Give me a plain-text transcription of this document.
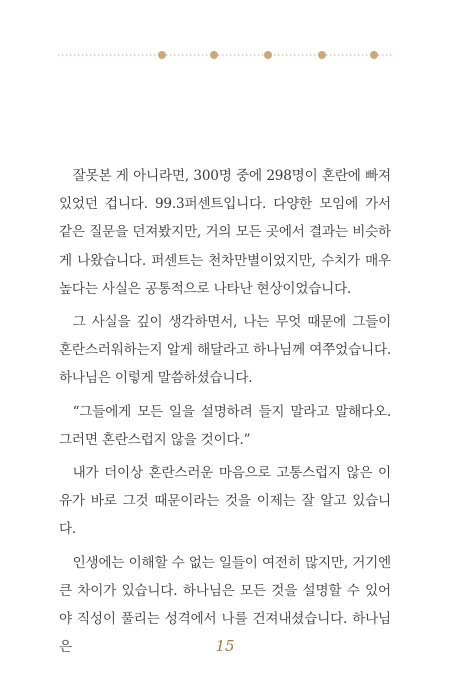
잘못본 게 아니라면, 300명 중에 298명이 혼란에 빠져 있었던 겁니다. 99.3퍼센트입니다. 다양한 모임에 가서 같은 질문을 던져봤지만, 거의 모든 곳에서 결과는 비슷하게 나왔습니다. 퍼센트는 천차만별이었지만, 수치가 매우 높다는 사실은 공통적으로 나타난 현상이었습니다.

그 사실을 깊이 생각하면서, 나는 무엇 때문에 그들이 혼란스러워하는지 알게 해달라고 하나님께 여쭈었습니다. 하나님은 이렇게 말씀하셨습니다.

“그들에게 모든 일을 설명하려 들지 말라고 말해다오. 그러면 혼란스럽지 않을 것이다.”

내가 더이상 혼란스러운 마음으로 고통스럽지 않은 이유가 바로 그것 때문이라는 것을 이제는 잘 알고 있습니다.

인생에는 이해할 수 없는 일들이 여전히 많지만, 거기엔 큰 차이가 있습니다. 하나님은 모든 것을 설명할 수 있어야 직성이 풀리는 성격에서 나를 건져내셨습니다. 하나님은	15
